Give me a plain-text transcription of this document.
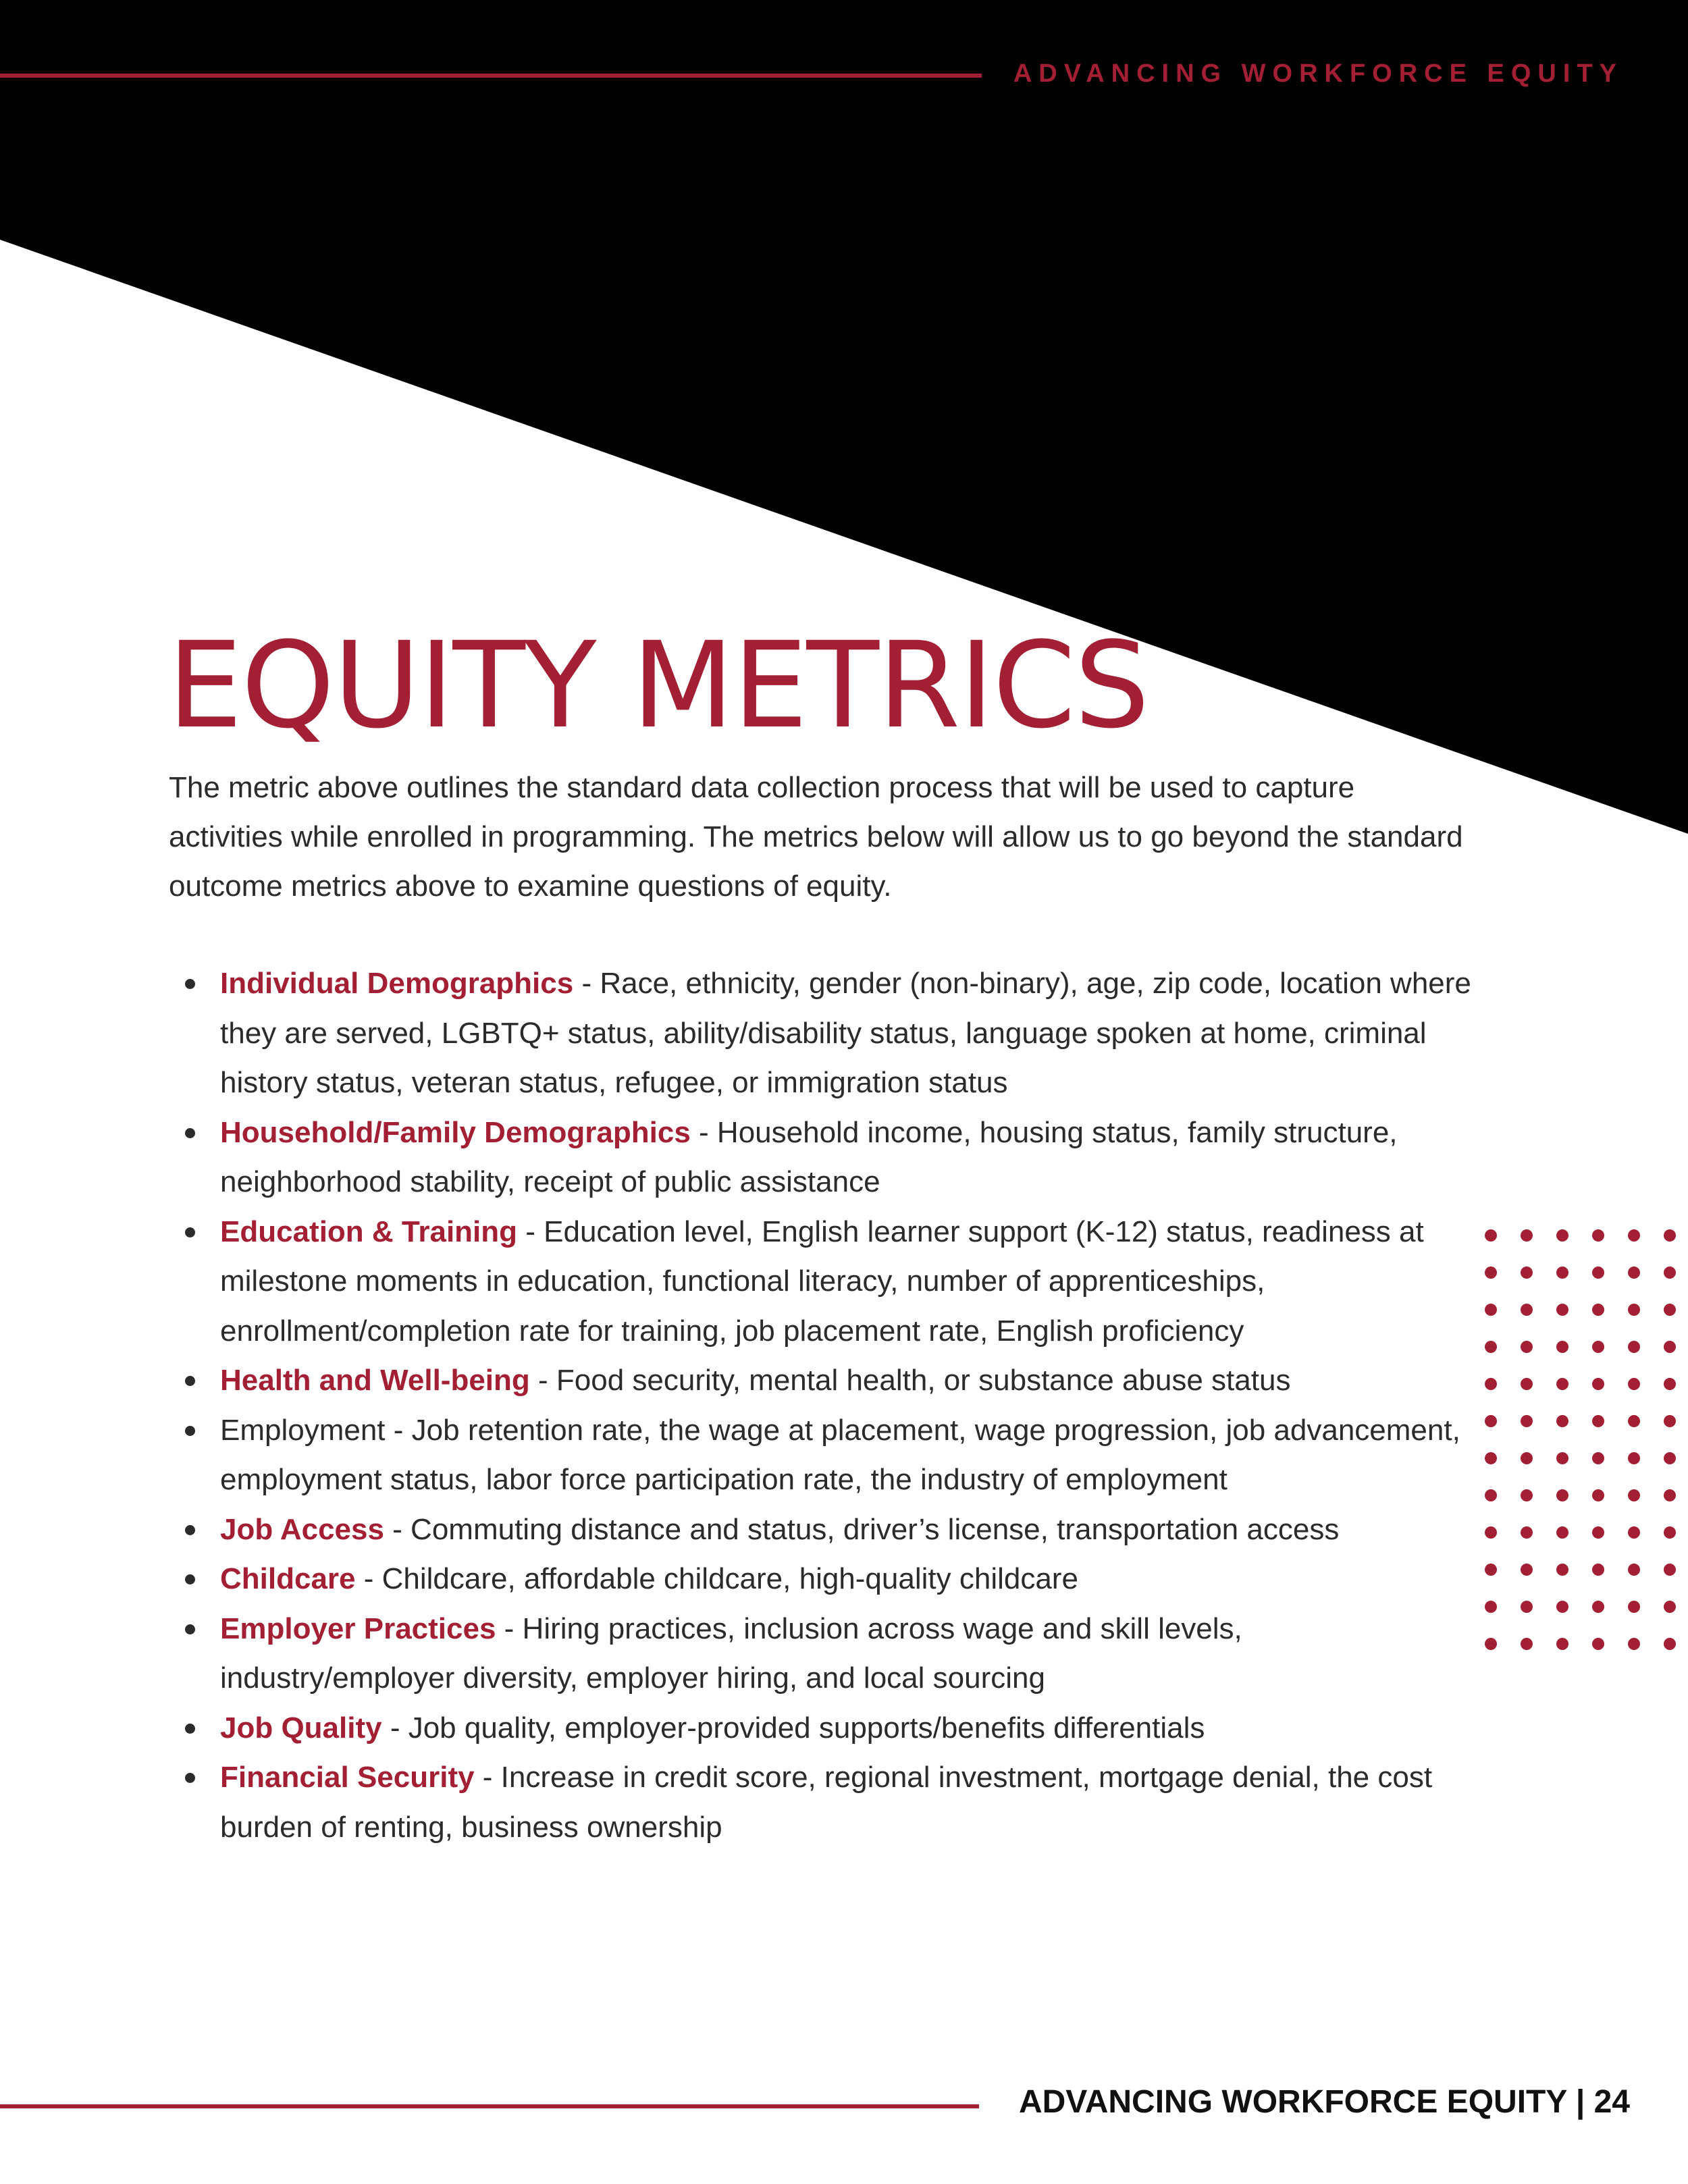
ADVANCING WORKFORCE EQUITY
EQUITY METRICS

The metric above outlines the standard data collection process that will be used to capture activities while enrolled in programming. The metrics below will allow us to go beyond the standard outcome metrics above to examine questions of equity.

Individual Demographics - Race, ethnicity, gender (non-binary), age, zip code, location where they are served, LGBTQ+ status, ability/disability status, language spoken at home, criminal history status, veteran status, refugee, or immigration status
Household/Family Demographics - Household income, housing status, family structure, neighborhood stability, receipt of public assistance
Education & Training - Education level, English learner support (K-12) status, readiness at milestone moments in education, functional literacy, number of apprenticeships, enrollment/completion rate for training, job placement rate, English proficiency
Health and Well-being - Food security, mental health, or substance abuse status
Employment - Job retention rate, the wage at placement, wage progression, job advancement, employment status, labor force participation rate, the industry of employment
Job Access - Commuting distance and status, driver’s license, transportation access
Childcare - Childcare, affordable childcare, high-quality childcare
Employer Practices - Hiring practices, inclusion across wage and skill levels, industry/employer diversity, employer hiring, and local sourcing
Job Quality - Job quality, employer-provided supports/benefits differentials
Financial Security - Increase in credit score, regional investment, mortgage denial, the cost burden of renting, business ownership
ADVANCING WORKFORCE EQUITY | 24
